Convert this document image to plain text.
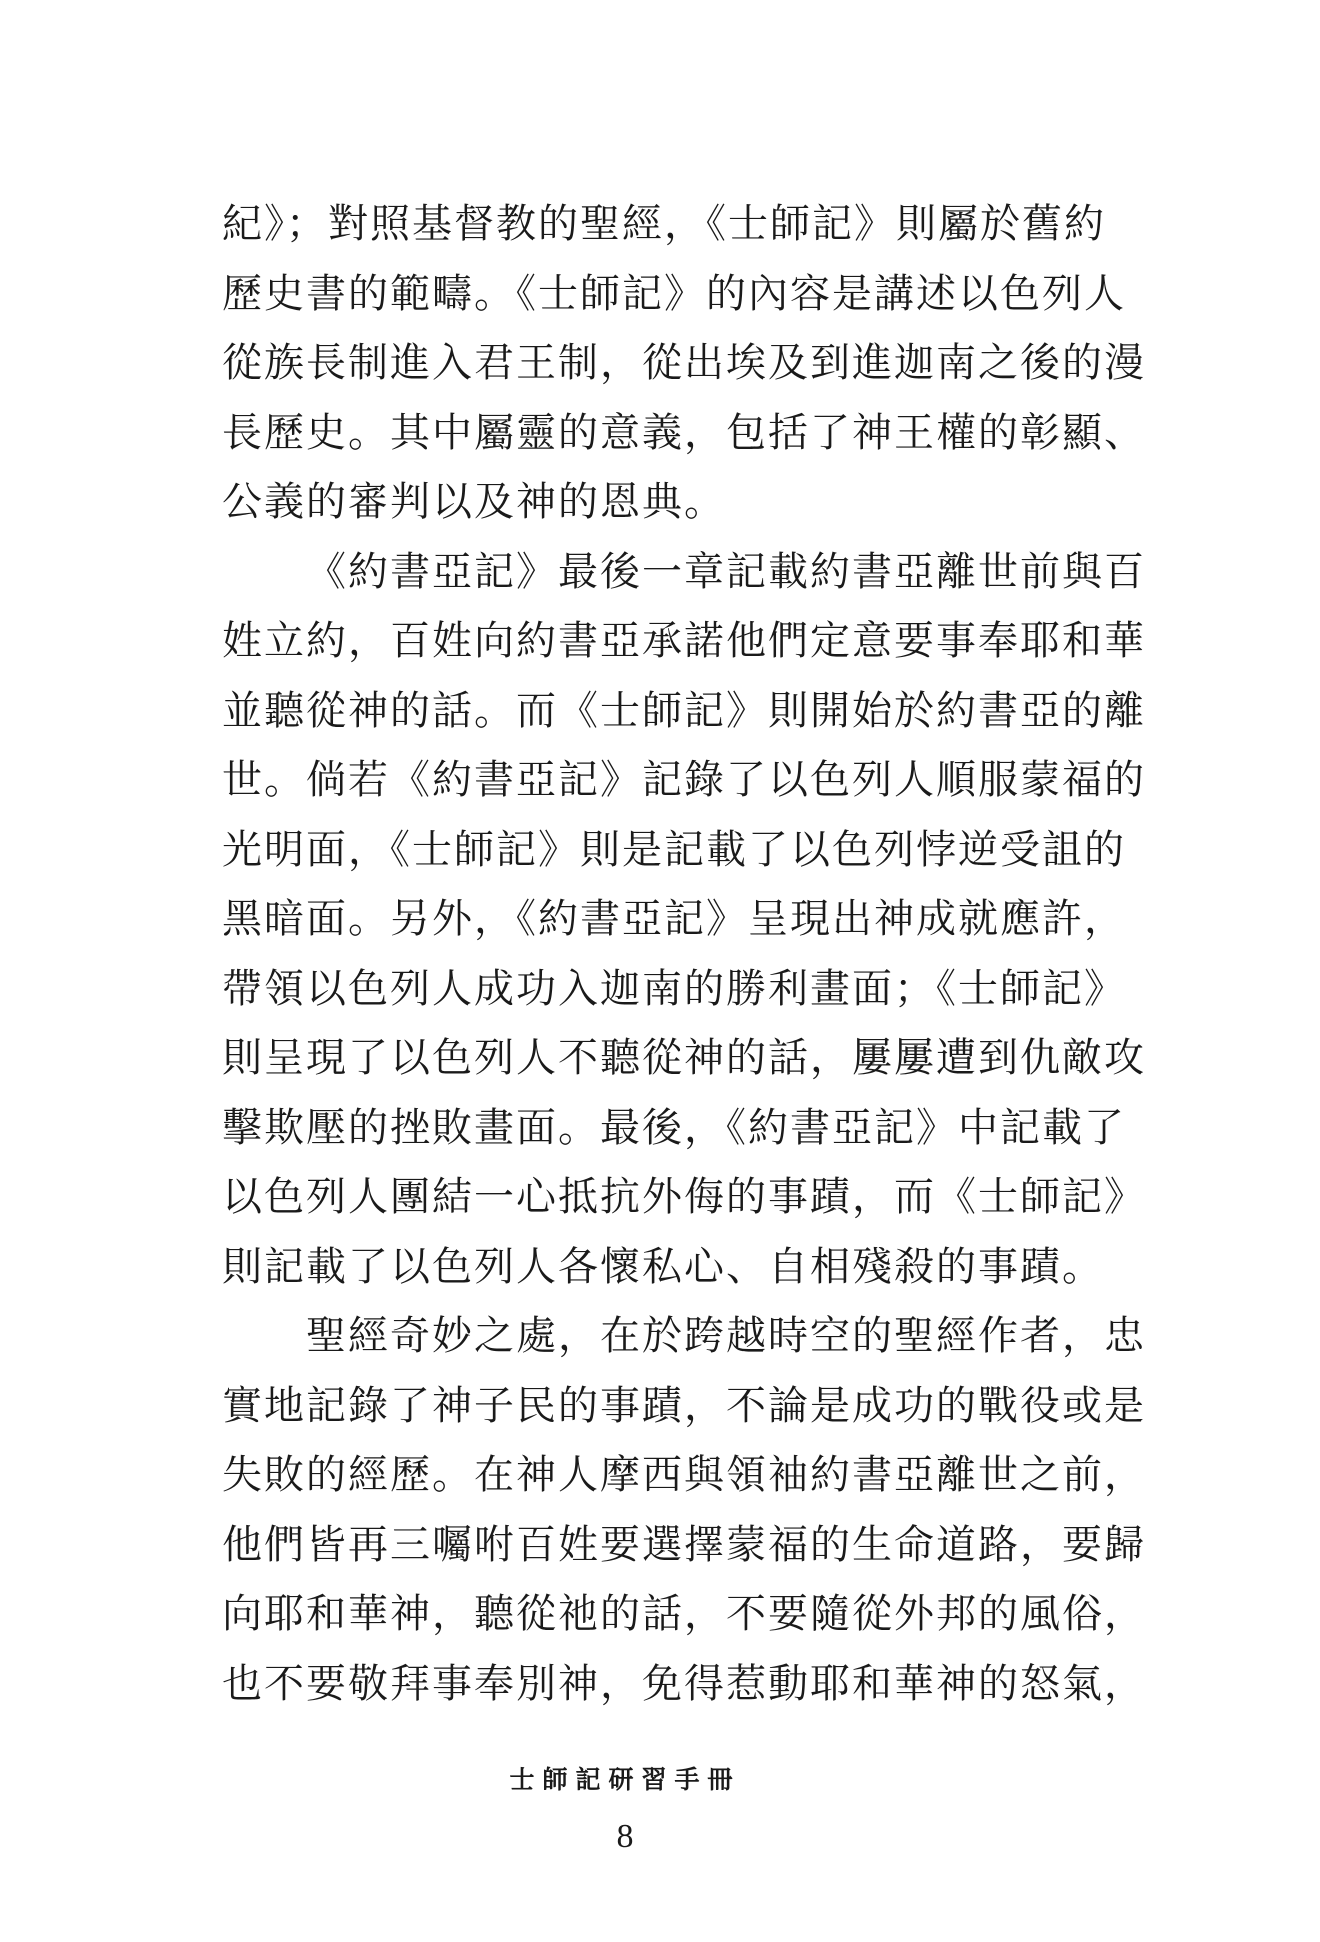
紀》；對照基督教的聖經，《士師記》則屬於舊約
歷史書的範疇。《士師記》的內容是講述以色列人
從族長制進入君王制，從出埃及到進迦南之後的漫
長歷史。其中屬靈的意義，包括了神王權的彰顯、
公義的審判以及神的恩典。

《約書亞記》最後一章記載約書亞離世前與百
姓立約，百姓向約書亞承諾他們定意要事奉耶和華
並聽從神的話。而《士師記》則開始於約書亞的離
世。倘若《約書亞記》記錄了以色列人順服蒙福的
光明面，《士師記》則是記載了以色列悖逆受詛的
黑暗面。另外，《約書亞記》呈現出神成就應許，
帶領以色列人成功入迦南的勝利畫面；《士師記》
則呈現了以色列人不聽從神的話，屢屢遭到仇敵攻
擊欺壓的挫敗畫面。最後，《約書亞記》中記載了
以色列人團結一心抵抗外侮的事蹟，而《士師記》
則記載了以色列人各懷私心、自相殘殺的事蹟。

聖經奇妙之處，在於跨越時空的聖經作者，忠
實地記錄了神子民的事蹟，不論是成功的戰役或是
失敗的經歷。在神人摩西與領袖約書亞離世之前，
他們皆再三囑咐百姓要選擇蒙福的生命道路，要歸
向耶和華神，聽從祂的話，不要隨從外邦的風俗，
也不要敬拜事奉別神，免得惹動耶和華神的怒氣，

士師記研習手冊
8
